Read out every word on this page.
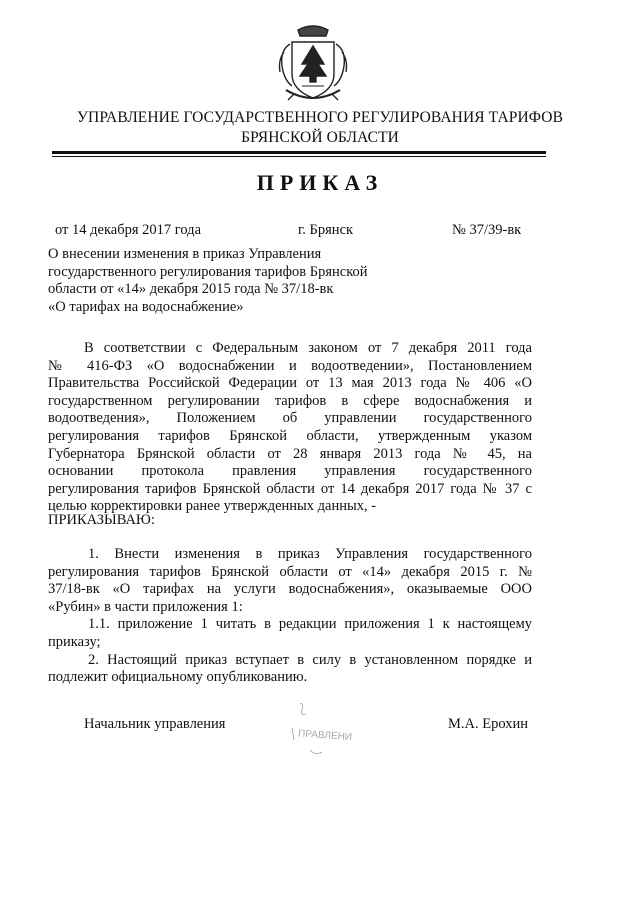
УПРАВЛЕНИЕ ГОСУДАРСТВЕННОГО РЕГУЛИРОВАНИЯ ТАРИФОВ
БРЯНСКОЙ ОБЛАСТИ
ПРИКАЗ
от 14 декабря 2017 года	г. Брянск	№ 37/39-вк
О внесении изменения в приказ Управления
государственного регулирования тарифов Брянской
области от «14» декабря 2015 года № 37/18-вк
«О тарифах на водоснабжение»
В соответствии с Федеральным законом от 7 декабря 2011 года
№ 416-ФЗ «О водоснабжении и водоотведении», Постановлением
Правительства Российской Федерации от 13 мая 2013 года № 406 «О
государственном регулировании тарифов в сфере водоснабжения и
водоотведения», Положением об управлении государственного
регулирования тарифов Брянской области, утвержденным указом
Губернатора Брянской области от 28 января 2013 года № 45, на
основании протокола правления управления государственного
регулирования тарифов Брянской области от 14 декабря 2017 года № 37 с
целью корректировки ранее утвержденных данных, -
ПРИКАЗЫВАЮ:
1. Внести изменения в приказ Управления государственного
регулирования тарифов Брянской области от «14» декабря 2015 г. №
37/18-вк «О тарифах на услуги водоснабжения», оказываемые ООО
«Рубин» в части приложения 1:
1.1. приложение 1 читать в редакции приложения 1 к настоящему
приказу;
2. Настоящий приказ вступает в силу в установленном порядке и
подлежит официальному опубликованию.
Начальник управления
ПРАВЛЕНИ
М.А. Ерохин
